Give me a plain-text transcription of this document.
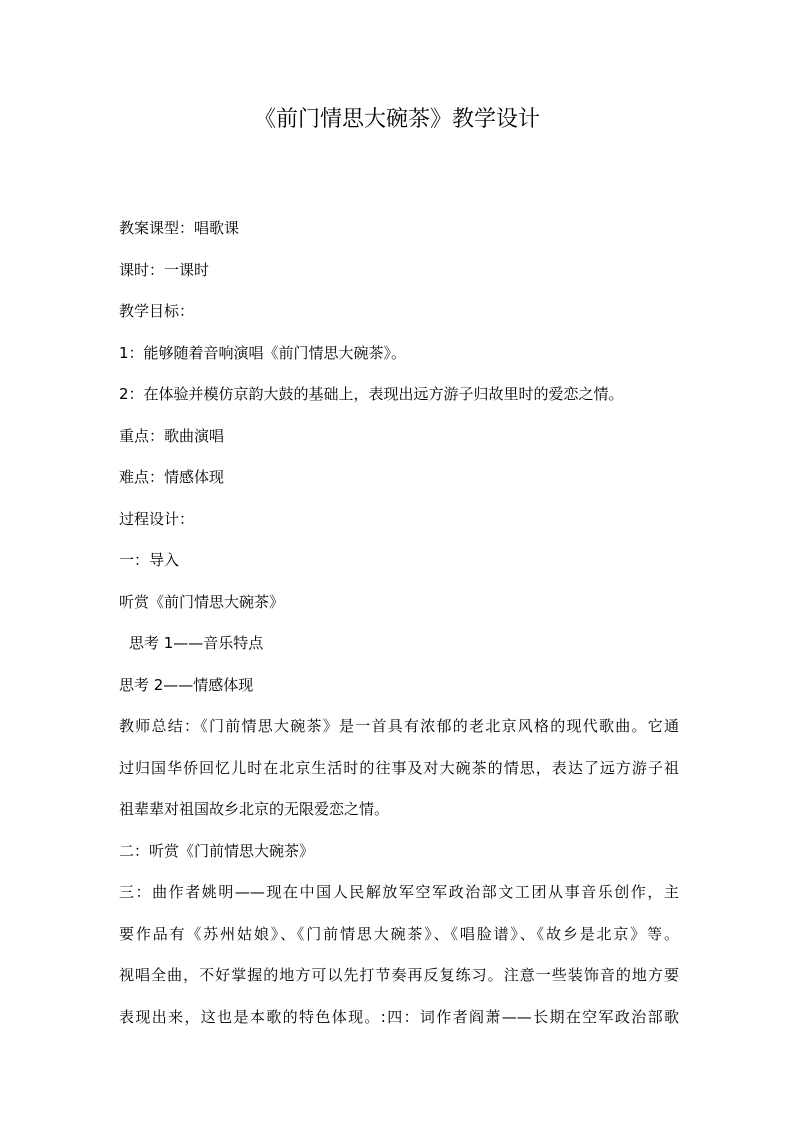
《前门情思大碗茶》教学设计

教案课型：唱歌课

课时：一课时

教学目标：

1：能够随着音响演唱《前门情思大碗茶》。

2：在体验并模仿京韵大鼓的基础上，表现出远方游子归故里时的爱恋之情。

重点：歌曲演唱

难点：情感体现

过程设计：

一：导入

听赏《前门情思大碗茶》

思考 1——音乐特点

思考 2——情感体现

教师总结：《门前情思大碗茶》是一首具有浓郁的老北京风格的现代歌曲。它通

过归国华侨回忆儿时在北京生活时的往事及对大碗茶的情思，表达了远方游子祖

祖辈辈对祖国故乡北京的无限爱恋之情。

二：听赏《门前情思大碗茶》

三：曲作者姚明——现在中国人民解放军空军政治部文工团从事音乐创作，主

要作品有《苏州姑娘》、《门前情思大碗茶》、《唱脸谱》、《故乡是北京》等。

视唱全曲，不好掌握的地方可以先打节奏再反复练习。注意一些装饰音的地方要

表现出来，这也是本歌的特色体现。:四：词作者阎萧——长期在空军政治部歌
